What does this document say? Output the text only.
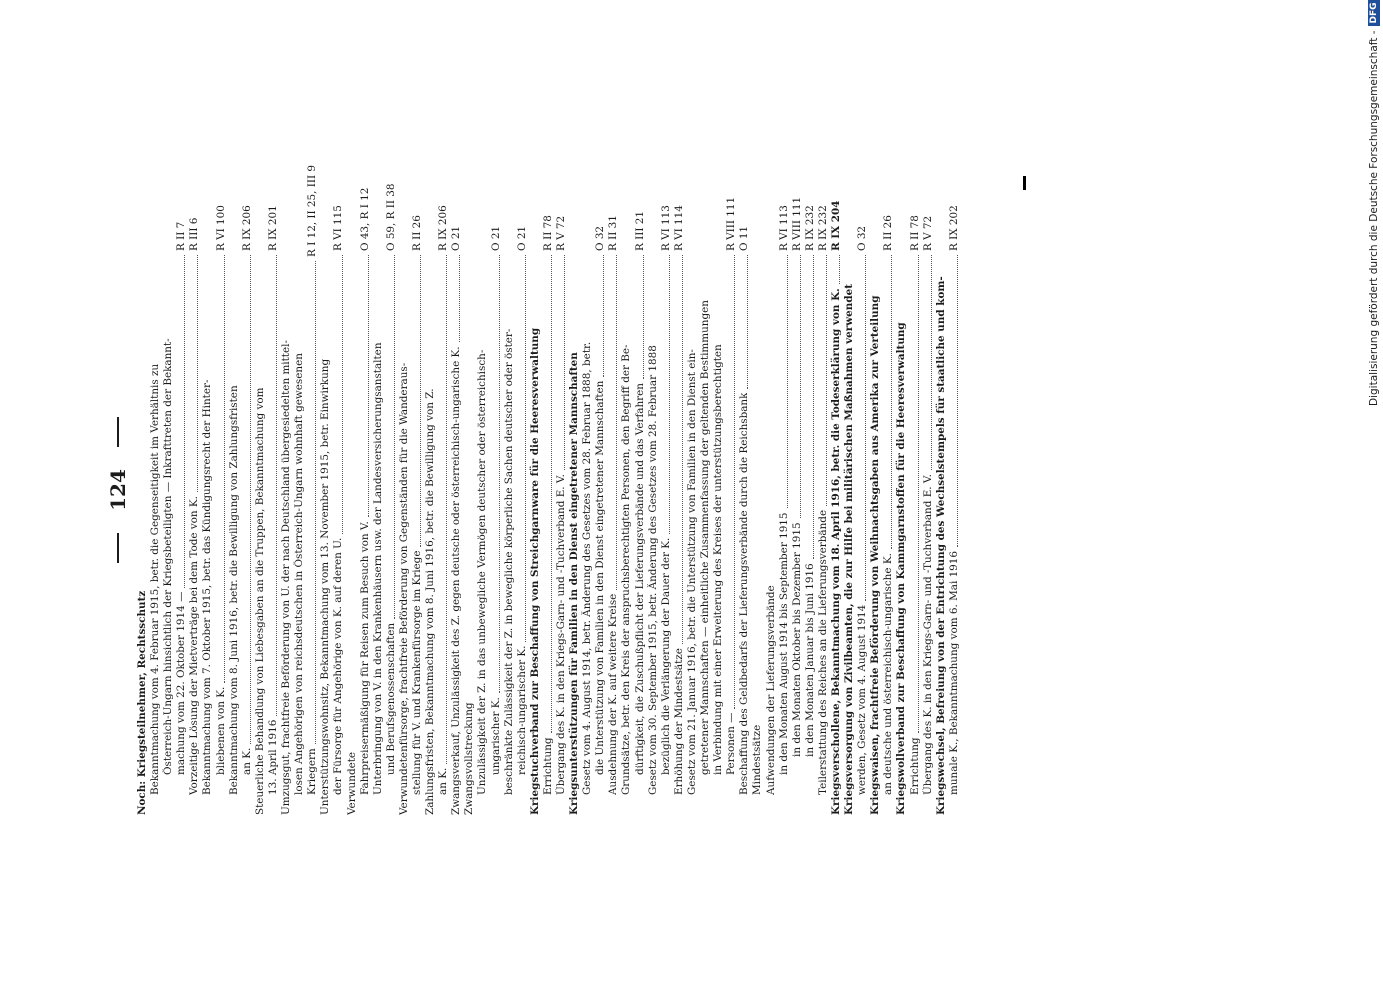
Digitalisierung gefördert durch die Deutsche Forschungsgemeinschaft -
DFG
124
Noch: Kriegsteilnehmer, Rechtsschutz Bekanntmachung vom 4. Februar 1915, betr. die Gegenseitigkeit im Verhältnis zu Österreich-Ungarn hinsichtlich der Kriegsbeteiligten — Inkrafttreten der Bekannt- machung vom 22. Oktober 1914 —
R II 7
Vorzeitige Lösung der Mietverträge bei dem Tode von K.
R III 6
Bekanntmachung vom 7. Oktober 1915, betr. das Kündigungsrecht der Hinter- bliebenen von K.
R VI 100
Bekanntmachung vom 8. Juni 1916, betr. die Bewilligung von Zahlungsfristen an K.
R IX 206
Steuerliche Behandlung von Liebesgaben an die Truppen, Bekanntmachung vom 13. April 1916
R IX 201
Umzugsgut, frachtfreie Beförderung von U. der nach Deutschland übergesiedelten mittel- losen Angehörigen von reichsdeutschen in Österreich-Ungarn wohnhaft gewesenen Kriegern
R I 12, II 25, III 9
Unterstützungswohnsitz, Bekanntmachung vom 13. November 1915, betr. Einwirkung der Fürsorge für Angehörige von K. auf deren U.
R VI 115
Verwundete Fahrpreisermäßigung für Reisen zum Besuch von V.
O 43, R I 12
Unterbringung von V. in den Krankenhäusern usw. der Landesversicherungsanstalten und Berufsgenossenschaften
O 59, R II 38
Verwundetenfürsorge, frachtfreie Beförderung von Gegenständen für die Wanderaus- stellung für V. und Krankenfürsorge im Kriege
R II 26
Zahlungsfristen, Bekanntmachung vom 8. Juni 1916, betr. die Bewilligung von Z. an K.
R IX 206
Zwangsverkauf, Unzulässigkeit des Z. gegen deutsche oder österreichisch-ungarische K.
O 21
Zwangsvollstreckung Unzulässigkeit der Z. in das unbewegliche Vermögen deutscher oder österreichisch- ungarischer K.
O 21
beschränkte Zulässigkeit der Z. in bewegliche körperliche Sachen deutscher oder öster- reichisch-ungarischer K.
O 21
Kriegstuchverband zur Beschaffung von Streichgarnware für die Heeresverwaltung Errichtung
R II 78
Übergang des K. in den Kriegs-Garn- und -Tuchverband E. V.
R V 72
Kriegsunterstützungen für Familien in den Dienst eingetretener Mannschaften Gesetz vom 4. August 1914, betr. Änderung des Gesetzes vom 28. Februar 1888, betr. die Unterstützung von Familien in den Dienst eingetretener Mannschaften
O 32
Ausdehnung der K. auf weitere Kreise
R II 31
Grundsätze, betr. den Kreis der anspruchsberechtigten Personen, den Begriff der Be- dürftigkeit, die Zuschußpflicht der Lieferungsverbände und das Verfahren
R III 21
Gesetz vom 30. September 1915, betr. Änderung des Gesetzes vom 28. Februar 1888 bezüglich die Verlängerung der Dauer der K.
R VI 113
Erhöhung der Mindestsätze
R VI 114
Gesetz vom 21. Januar 1916, betr. die Unterstützung von Familien in den Dienst ein- getretener Mannschaften — einheitliche Zusammenfassung der geltenden Bestimmungen in Verbindung mit einer Erweiterung des Kreises der unterstützungsberechtigten Personen —
R VIII 111
Beschaffung des Geldbedarfs der Lieferungsverbände durch die Reichsbank
O 11
Mindestsätze Aufwendungen der Lieferungsverbände in den Monaten August 1914 bis September 1915
R VI 113
in den Monaten Oktober bis Dezember 1915
R VIII 111
in den Monaten Januar bis Juni 1916
R IX 232
Teilerstattung des Reiches an die Lieferungsverbände
R IX 232
Kriegsverschollene, Bekanntmachung vom 18. April 1916, betr. die Todeserklärung von K.
R IX 204
Kriegsversorgung von Zivilbeamten, die zur Hilfe bei militärischen Maßnahmen verwendet werden, Gesetz vom 4. August 1914
O 32
Kriegswaisen, frachtfreie Beförderung von Weihnachtsgaben aus Amerika zur Verteilung an deutsche und österreichisch-ungarische K.
R II 26
Kriegswollverband zur Beschaffung von Kammgarnstoffen für die Heeresverwaltung Errichtung
R II 78
Übergang des K. in den Kriegs-Garn- und -Tuchverband E. V.
R V 72
Kriegswechsel, Befreiung von der Entrichtung des Wechselstempels für staatliche und kom- munale K., Bekanntmachung vom 6. Mai 1916
R IX 202
